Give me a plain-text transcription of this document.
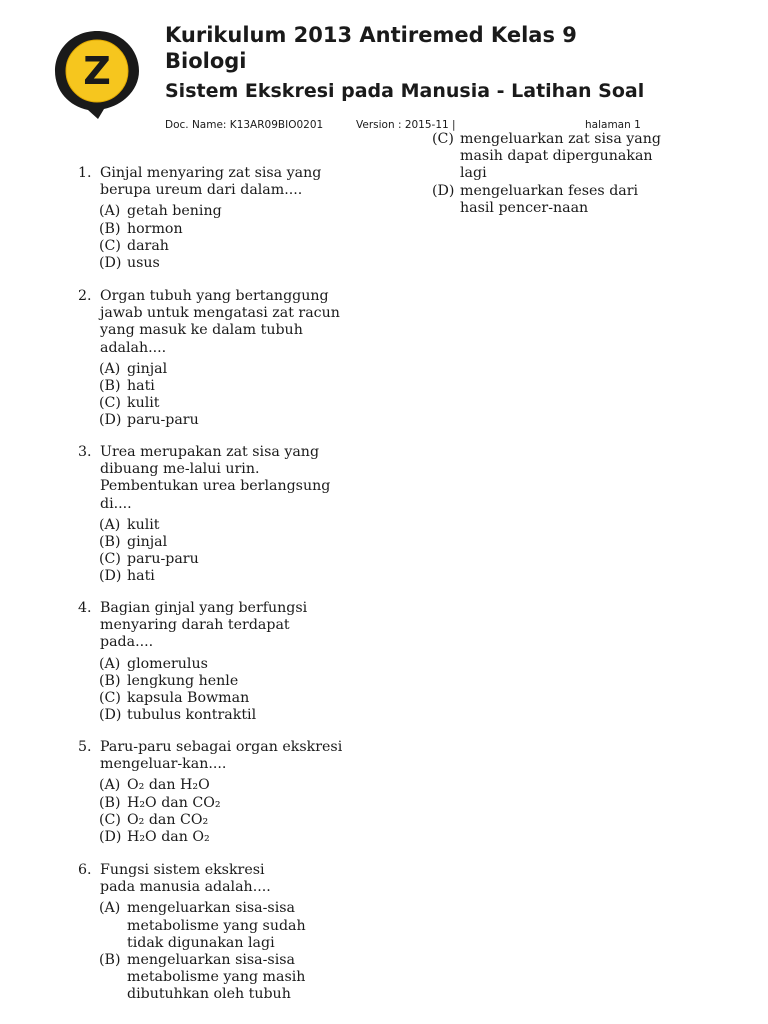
Z
Kurikulum 2013 Antiremed Kelas 9
Biologi
Sistem Ekskresi pada Manusia - Latihan Soal
Doc. Name: K13AR09BIO0201	Version : 2015-11 |	halaman 1
1. Ginjal menyaring zat sisa yang
berupa ureum dari dalam....
(A) getah bening
(B) hormon
(C) darah
(D) usus
2. Organ tubuh yang bertanggung
jawab untuk mengatasi zat racun
yang masuk ke dalam tubuh
adalah....
(A) ginjal
(B) hati
(C) kulit
(D) paru-paru
3. Urea merupakan zat sisa yang
dibuang me-lalui urin.
Pembentukan urea berlangsung
di....
(A) kulit
(B) ginjal
(C) paru-paru
(D) hati
4. Bagian ginjal yang berfungsi
menyaring darah terdapat
pada....
(A) glomerulus
(B) lengkung henle
(C) kapsula Bowman
(D) tubulus kontraktil
5. Paru-paru sebagai organ ekskresi
mengeluar-kan....
(A) O₂ dan H₂O
(B) H₂O dan CO₂
(C) O₂ dan CO₂
(D) H₂O dan O₂
6. Fungsi sistem ekskresi
pada manusia adalah....
(A) mengeluarkan sisa-sisa
metabolisme yang sudah
tidak digunakan lagi
(B) mengeluarkan sisa-sisa
metabolisme yang masih
dibutuhkan oleh tubuh
(C) mengeluarkan zat sisa yang
masih dapat dipergunakan
lagi
(D) mengeluarkan feses dari
hasil pencer-naan
